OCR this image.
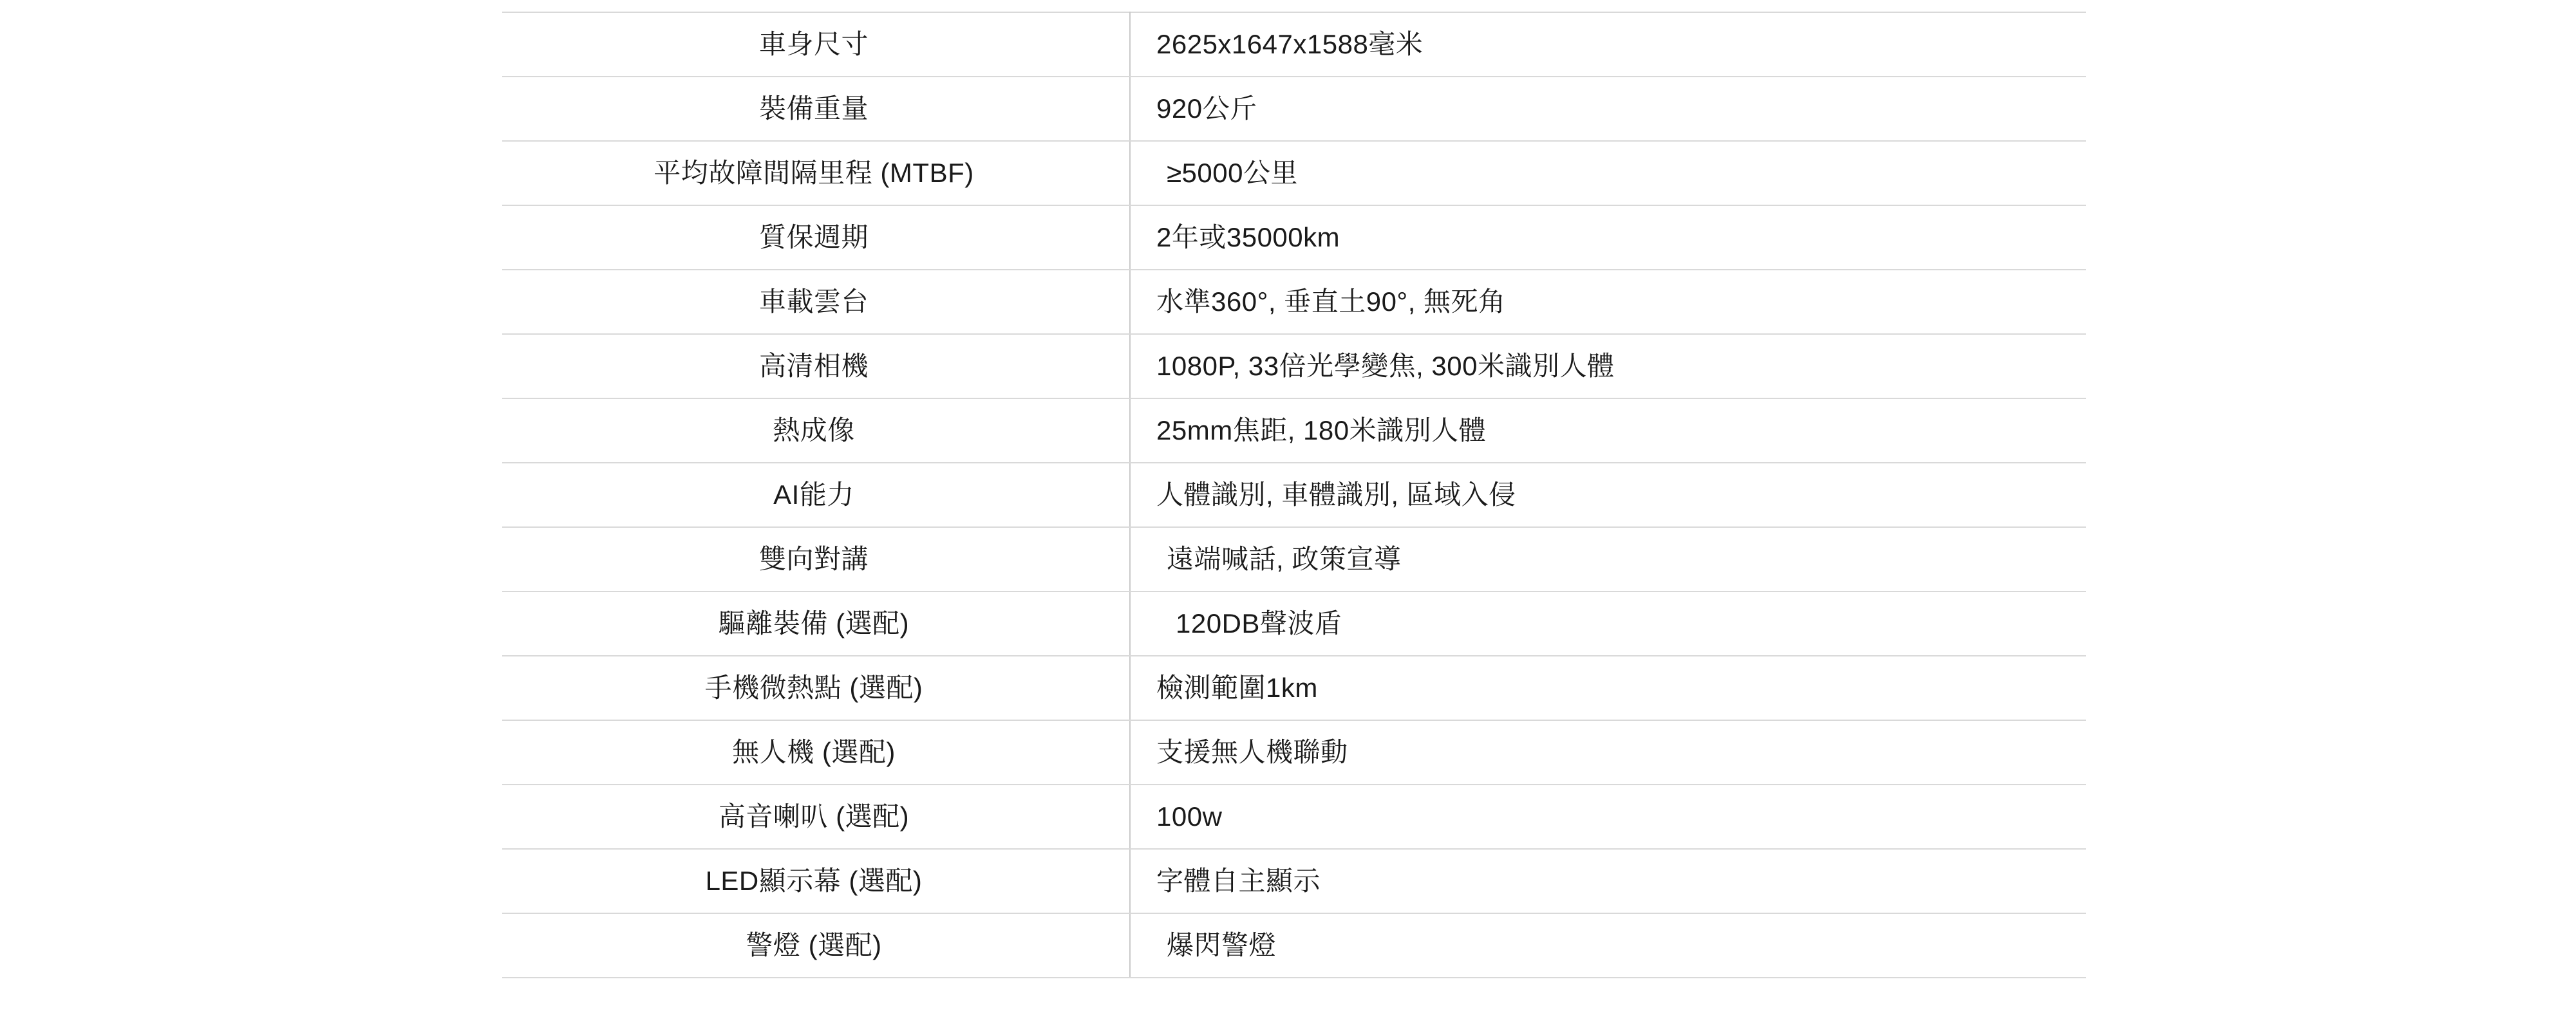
車身尺寸	2625x1647x1588毫米
裝備重量	920公斤
平均故障間隔里程 (MTBF)	≥5000公里
質保週期	2年或35000km
車載雲台	水準360°, 垂直土90°, 無死角
高清相機	1080P, 33倍光學變焦, 300米識別人體
熱成像	25mm焦距, 180米識別人體
AI能力	人體識別, 車體識別, 區域入侵
雙向對講	遠端喊話, 政策宣導
驅離裝備 (選配)	120DB聲波盾
手機微熱點 (選配)	檢測範圍1km
無人機 (選配)	支援無人機聯動
高音喇叭 (選配)	100w
LED顯示幕 (選配)	字體自主顯示
警燈 (選配)	爆閃警燈
